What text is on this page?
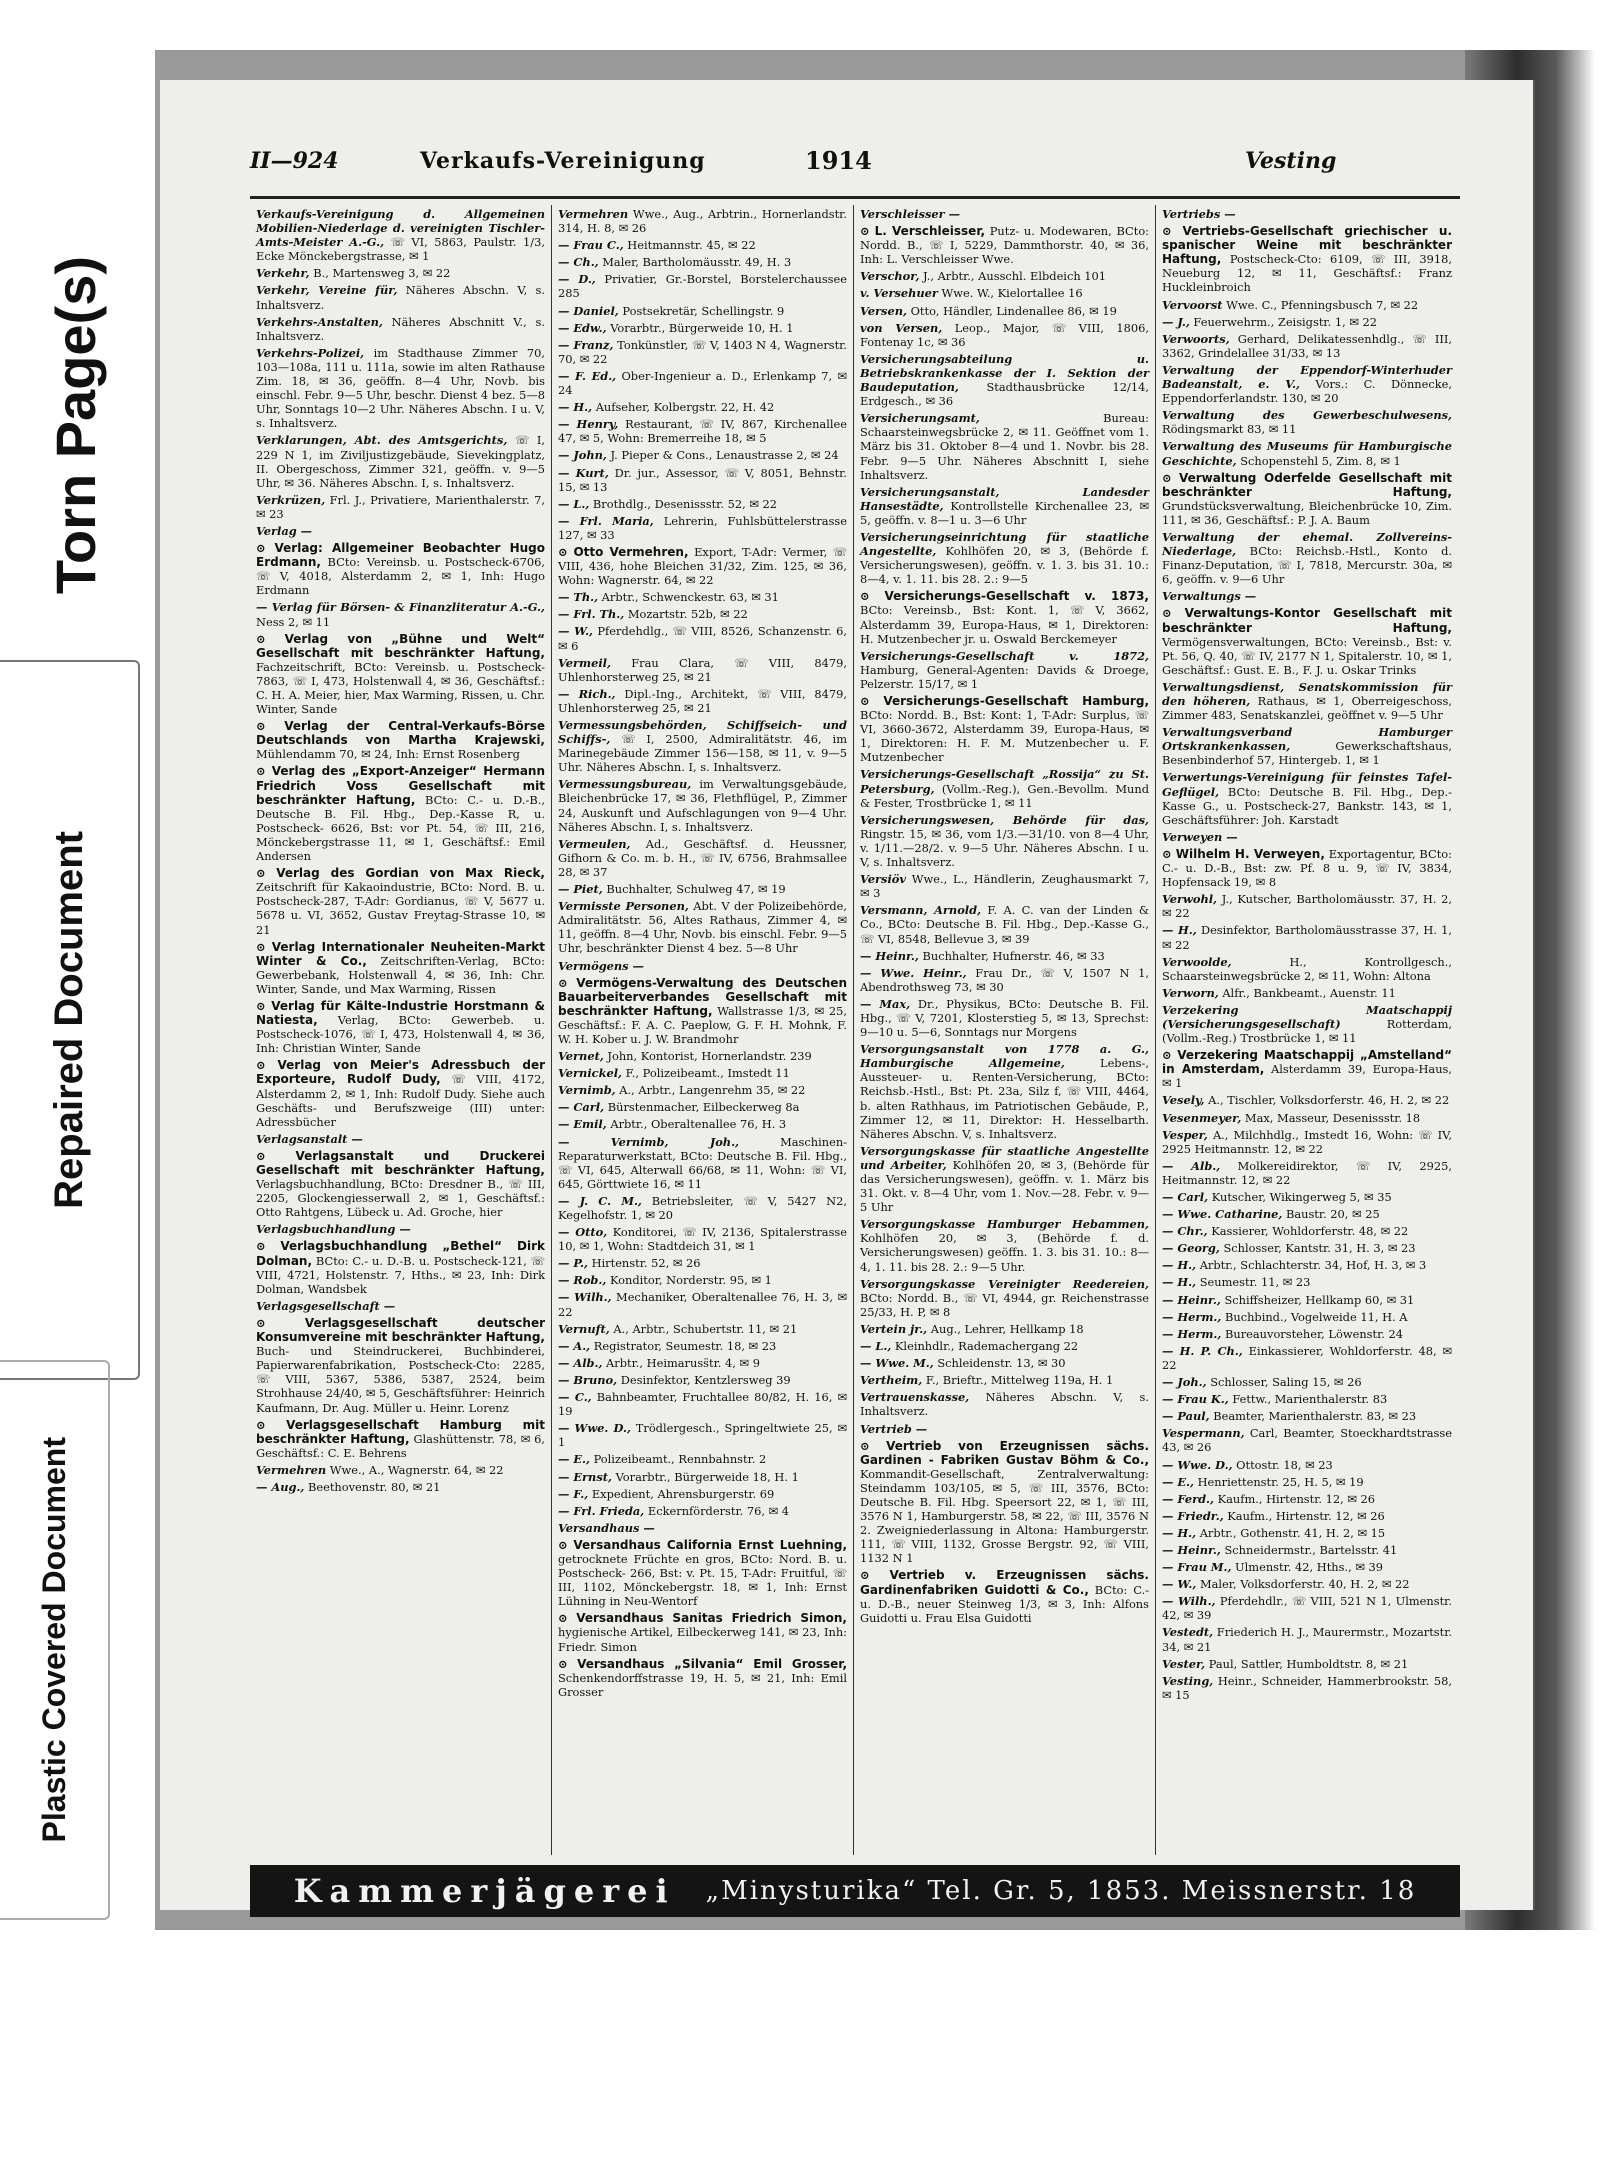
Torn Page(s)
Repaired Document
Plastic Covered Document
II—924	Verkaufs-Vereinigung	1914	Vesting
Verkaufs-Vereinigung d. Allgemeinen Mobilien-Niederlage d. vereinigten Tischler-Amts-Meister A.-G., ☏ VI, 5863, Paulstr. 1/3, Ecke Mönckebergstrasse, ✉ 1
Verkehr, B., Martensweg 3, ✉ 22
Verkehr, Vereine für, Näheres Abschn. V, s. Inhaltsverz.
Verkehrs-Anstalten, Näheres Abschnitt V., s. Inhaltsverz.
Verkehrs-Polizei, im Stadthause Zimmer 70, 103—108a, 111 u. 111a, sowie im alten Rathause Zim. 18, ✉ 36, geöffn. 8—4 Uhr, Novb. bis einschl. Febr. 9—5 Uhr, beschr. Dienst 4 bez. 5—8 Uhr, Sonntags 10—2 Uhr. Näheres Abschn. I u. V, s. Inhaltsverz.
Verklarungen, Abt. des Amtsgerichts, ☏ I, 229 N 1, im Ziviljustizgebäude, Sievekingplatz, II. Obergeschoss, Zimmer 321, geöffn. v. 9—5 Uhr, ✉ 36. Näheres Abschn. I, s. Inhaltsverz.
Verkrüzen, Frl. J., Privatiere, Marienthalerstr. 7, ✉ 23
Verlag —
⊙ Verlag: Allgemeiner Beobachter Hugo Erdmann, BCto: Vereinsb. u. Postscheck-6706, ☏ V, 4018, Alsterdamm 2, ✉ 1, Inh: Hugo Erdmann
— Verlag für Börsen- & Finanzliteratur A.-G., Ness 2, ✉ 11
⊙ Verlag von „Bühne und Welt“ Gesellschaft mit beschränkter Haftung, Fachzeitschrift, BCto: Vereinsb. u. Postscheck-7863, ☏ I, 473, Holstenwall 4, ✉ 36, Geschäftsf.: C. H. A. Meier, hier, Max Warming, Rissen, u. Chr. Winter, Sande
⊙ Verlag der Central-Verkaufs-Börse Deutschlands von Martha Krajewski, Mühlendamm 70, ✉ 24, Inh: Ernst Rosenberg
⊙ Verlag des „Export-Anzeiger“ Hermann Friedrich Voss Gesellschaft mit beschränkter Haftung, BCto: C.- u. D.-B., Deutsche B. Fil. Hbg., Dep.-Kasse R, u. Postscheck- 6626, Bst: vor Pt. 54, ☏ III, 216, Mönckebergstrasse 11, ✉ 1, Geschäftsf.: Emil Andersen
⊙ Verlag des Gordian von Max Rieck, Zeitschrift für Kakaoindustrie, BCto: Nord. B. u. Postscheck-287, T-Adr: Gordianus, ☏ V, 5677 u. 5678 u. VI, 3652, Gustav Freytag-Strasse 10, ✉ 21
⊙ Verlag Internationaler Neuheiten-Markt Winter & Co., Zeitschriften-Verlag, BCto: Gewerbebank, Holstenwall 4, ✉ 36, Inh: Chr. Winter, Sande, und Max Warming, Rissen
⊙ Verlag für Kälte-Industrie Horstmann & Natiesta, Verlag, BCto: Gewerbeb. u. Postscheck-1076, ☏ I, 473, Holstenwall 4, ✉ 36, Inh: Christian Winter, Sande
⊙ Verlag von Meier's Adressbuch der Exporteure, Rudolf Dudy, ☏ VIII, 4172, Alsterdamm 2, ✉ 1, Inh: Rudolf Dudy. Siehe auch Geschäfts- und Berufszweige (III) unter: Adressbücher
Verlagsanstalt —
⊙ Verlagsanstalt und Druckerei Gesellschaft mit beschränkter Haftung, Verlagsbuchhandlung, BCto: Dresdner B., ☏ III, 2205, Glockengiesserwall 2, ✉ 1, Geschäftsf.: Otto Rahtgens, Lübeck u. Ad. Groche, hier
Verlagsbuchhandlung —
⊙ Verlagsbuchhandlung „Bethel“ Dirk Dolman, BCto: C.- u. D.-B. u. Postscheck-121, ☏ VIII, 4721, Holstenstr. 7, Hths., ✉ 23, Inh: Dirk Dolman, Wandsbek
Verlagsgesellschaft —
⊙ Verlagsgesellschaft deutscher Konsumvereine mit beschränkter Haftung, Buch- und Steindruckerei, Buchbinderei, Papierwarenfabrikation, Postscheck-Cto: 2285, ☏ VIII, 5367, 5386, 5387, 2524, beim Strohhause 24/40, ✉ 5, Geschäftsführer: Heinrich Kaufmann, Dr. Aug. Müller u. Heinr. Lorenz
⊙ Verlagsgesellschaft Hamburg mit beschränkter Haftung, Glashüttenstr. 78, ✉ 6, Geschäftsf.: C. E. Behrens
Vermehren Wwe., A., Wagnerstr. 64, ✉ 22
— Aug., Beethovenstr. 80, ✉ 21
Vermehren Wwe., Aug., Arbtrin., Hornerlandstr. 314, H. 8, ✉ 26
— Frau C., Heitmannstr. 45, ✉ 22
— Ch., Maler, Bartholomäusstr. 49, H. 3
— D., Privatier, Gr.-Borstel, Borstelerchaussee 285
— Daniel, Postsekretär, Schellingstr. 9
— Edw., Vorarbtr., Bürgerweide 10, H. 1
— Franz, Tonkünstler, ☏ V, 1403 N 4, Wagnerstr. 70, ✉ 22
— F. Ed., Ober-Ingenieur a. D., Erlenkamp 7, ✉ 24
— H., Aufseher, Kolbergstr. 22, H. 42
— Henry, Restaurant, ☏ IV, 867, Kirchenallee 47, ✉ 5, Wohn: Bremerreihe 18, ✉ 5
— John, J. Pieper & Cons., Lenaustrasse 2, ✉ 24
— Kurt, Dr. jur., Assessor, ☏ V, 8051, Behnstr. 15, ✉ 13
— L., Brothdlg., Desenissstr. 52, ✉ 22
— Frl. Maria, Lehrerin, Fuhlsbüttelerstrasse 127, ✉ 33
⊙ Otto Vermehren, Export, T-Adr: Vermer, ☏ VIII, 436, hohe Bleichen 31/32, Zim. 125, ✉ 36, Wohn: Wagnerstr. 64, ✉ 22
— Th., Arbtr., Schwenckestr. 63, ✉ 31
— Frl. Th., Mozartstr. 52b, ✉ 22
— W., Pferdehdlg., ☏ VIII, 8526, Schanzenstr. 6, ✉ 6
Vermeil, Frau Clara, ☏ VIII, 8479, Uhlenhorsterweg 25, ✉ 21
— Rich., Dipl.-Ing., Architekt, ☏ VIII, 8479, Uhlenhorsterweg 25, ✉ 21
Vermessungsbehörden, Schiffseich- und Schiffs-, ☏ I, 2500, Admiralitätstr. 46, im Marinegebäude Zimmer 156—158, ✉ 11, v. 9—5 Uhr. Näheres Abschn. I, s. Inhaltsverz.
Vermessungsbureau, im Verwaltungsgebäude, Bleichenbrücke 17, ✉ 36, Flethflügel, P., Zimmer 24, Auskunft und Aufschlagungen von 9—4 Uhr. Näheres Abschn. I, s. Inhaltsverz.
Vermeulen, Ad., Geschäftsf. d. Heussner, Gifhorn & Co. m. b. H., ☏ IV, 6756, Brahmsallee 28, ✉ 37
— Piet, Buchhalter, Schulweg 47, ✉ 19
Vermisste Personen, Abt. V der Polizeibehörde, Admiralitätstr. 56, Altes Rathaus, Zimmer 4, ✉ 11, geöffn. 8—4 Uhr, Novb. bis einschl. Febr. 9—5 Uhr, beschränkter Dienst 4 bez. 5—8 Uhr
Vermögens —
⊙ Vermögens-Verwaltung des Deutschen Bauarbeiterverbandes Gesellschaft mit beschränkter Haftung, Wallstrasse 1/3, ✉ 25, Geschäftsf.: F. A. C. Paeplow, G. F. H. Mohnk, F. W. H. Kober u. J. W. Brandmohr
Vernet, John, Kontorist, Hornerlandstr. 239
Vernickel, F., Polizeibeamt., Imstedt 11
Vernimb, A., Arbtr., Langenrehm 35, ✉ 22
— Carl, Bürstenmacher, Eilbeckerweg 8a
— Emil, Arbtr., Oberaltenallee 76, H. 3
— Vernimb, Joh.,	Maschinen-Reparaturwerkstatt, BCto: Deutsche B. Fil. Hbg., ☏ VI, 645, Alterwall 66/68, ✉ 11, Wohn: ☏ VI, 645, Görttwiete 16, ✉ 11
— J. C. M., Betriebsleiter, ☏ V, 5427 N2, Kegelhofstr. 1, ✉ 20
— Otto, Konditorei, ☏ IV, 2136, Spitalerstrasse 10, ✉ 1, Wohn: Stadtdeich 31, ✉ 1
— P., Hirtenstr. 52, ✉ 26
— Rob., Konditor, Norderstr. 95, ✉ 1
— Wilh., Mechaniker, Oberaltenallee 76, H. 3, ✉ 22
Vernuft, A., Arbtr., Schubertstr. 11, ✉ 21
— A., Registrator, Seumestr. 18, ✉ 23
— Alb., Arbtr., Heimaruss̈tr. 4, ✉ 9
— Bruno, Desinfektor, Kentzlersweg 39
— C., Bahnbeamter, Fruchtallee 80/82, H. 16, ✉ 19
— Wwe. D., Trödlergesch., Springeltwiete 25, ✉ 1
— E., Polizeibeamt., Rennbahnstr. 2
— Ernst, Vorarbtr., Bürgerweide 18, H. 1
— F., Expedient, Ahrensburgerstr. 69
— Frl. Frieda, Eckernförderstr. 76, ✉ 4
Versandhaus —
⊙ Versandhaus California Ernst Luehning, getrocknete Früchte en gros, BCto: Nord. B. u. Postscheck- 266, Bst: v. Pt. 15, T-Adr: Fruitful, ☏ III, 1102, Mönckebergstr. 18, ✉ 1, Inh: Ernst Lühning in Neu-Wentorf
⊙ Versandhaus Sanitas Friedrich Simon, hygienische Artikel, Eilbeckerweg 141, ✉ 23, Inh: Friedr. Simon
⊙ Versandhaus „Silvania“ Emil Grosser, Schenkendorffstrasse 19, H. 5, ✉ 21, Inh: Emil Grosser
Verschleisser —
⊙ L. Verschleisser, Putz- u. Modewaren, BCto: Nordd. B., ☏ I, 5229, Dammthorstr. 40, ✉ 36, Inh: L. Verschleisser Wwe.
Verschor, J., Arbtr., Ausschl. Elbdeich 101
v. Versehuer Wwe. W., Kielortallee 16
Versen, Otto, Händler, Lindenallee 86, ✉ 19
von Versen, Leop., Major, ☏ VIII, 1806, Fontenay 1c, ✉ 36
Versicherungsabteilung u. Betriebskrankenkasse der I. Sektion der Baudeputation, Stadthausbrücke 12/14, Erdgesch., ✉ 36
Versicherungsamt,	Bureau: Schaarsteinwegsbrücke 2, ✉ 11. Geöffnet vom 1. März bis 31. Oktober 8—4 und 1. Novbr. bis 28. Febr. 9—5 Uhr. Näheres Abschnitt I, siehe Inhaltsverz.
Versicherungsanstalt, Landesder Hansestädte, Kontrollstelle Kirchenallee 23, ✉ 5, geöffn. v. 8—1 u. 3—6 Uhr
Versicherungseinrichtung für staatliche Angestellte, Kohlhöfen 20, ✉ 3, (Behörde f. Versicherungswesen), geöffn. v. 1. 3. bis 31. 10.: 8—4, v. 1. 11. bis 28. 2.: 9—5
⊙ Versicherungs-Gesellschaft v. 1873, BCto: Vereinsb., Bst: Kont. 1, ☏ V, 3662, Alsterdamm 39, Europa-Haus, ✉ 1, Direktoren: H. Mutzenbecher jr. u. Oswald Berckemeyer
Versicherungs-Gesellschaft v. 1872, Hamburg, General-Agenten: Davids & Droege, Pelzerstr. 15/17, ✉ 1
⊙ Versicherungs-Gesellschaft Hamburg, BCto: Nordd. B., Bst: Kont: 1, T-Adr: Surplus, ☏ VI, 3660-3672, Alsterdamm 39, Europa-Haus, ✉ 1, Direktoren: H. F. M. Mutzenbecher u. F. Mutzenbecher
Versicherungs-Gesellschaft „Rossija“ zu St. Petersburg, (Vollm.-Reg.), Gen.-Bevollm. Mund & Fester, Trostbrücke 1, ✉ 11
Versicherungswesen, Behörde für das, Ringstr. 15, ✉ 36, vom 1/3.—31/10. von 8—4 Uhr, v. 1/11.—28/2. v. 9—5 Uhr. Näheres Abschn. I u. V, s. Inhaltsverz.
Versiöv Wwe., L., Händlerin, Zeughausmarkt 7, ✉ 3
Versmann, Arnold, F. A. C. van der Linden & Co., BCto: Deutsche B. Fil. Hbg., Dep.-Kasse G., ☏ VI, 8548, Bellevue 3, ✉ 39
— Heinr., Buchhalter, Hufnerstr. 46, ✉ 33
— Wwe. Heinr., Frau Dr., ☏ V, 1507 N 1, Abendrothsweg 73, ✉ 30
— Max, Dr., Physikus, BCto: Deutsche B. Fil. Hbg., ☏ V, 7201, Klosterstieg 5, ✉ 13, Sprechst: 9—10 u. 5—6, Sonntags nur Morgens
Versorgungsanstalt von 1778 a. G., Hamburgische Allgemeine,	Lebens-, Aussteuer- u. Renten-Versicherung, BCto: Reichsb.-Hstl., Bst: Pt. 23a, Silz f, ☏ VIII, 4464, b. alten Rathhaus, im Patriotischen Gebäude, P., Zimmer 12, ✉ 11, Direktor: H. Hesselbarth. Näheres Abschn. V, s. Inhaltsverz.
Versorgungskasse für staatliche Angestellte und Arbeiter, Kohlhöfen 20, ✉ 3, (Behörde für das Versicherungswesen), geöffn. v. 1. März bis 31. Okt. v. 8—4 Uhr, vom 1. Nov.—28. Febr. v. 9—5 Uhr
Versorgungskasse Hamburger Hebammen, Kohlhöfen 20, ✉ 3, (Behörde f. d. Versicherungswesen) geöffn. 1. 3. bis 31. 10.: 8—4, 1. 11. bis 28. 2.: 9—5 Uhr.
Versorgungskasse Vereinigter Reedereien, BCto: Nordd. B., ☏ VI, 4944, gr. Reichenstrasse 25/33, H. P, ✉ 8
Vertein jr., Aug., Lehrer, Hellkamp 18
— L., Kleinhdlr., Rademachergang 22
— Wwe. M., Schleidenstr. 13, ✉ 30
Vertheim, F., Brieftr., Mittelweg 119a, H. 1
Vertrauenskasse, Näheres Abschn. V, s. Inhaltsverz.
Vertrieb —
⊙ Vertrieb von Erzeugnissen sächs. Gardinen - Fabriken Gustav Böhm & Co., Kommandit-Gesellschaft, Zentralverwaltung: Steindamm 103/105, ✉ 5, ☏ III, 3576, BCto: Deutsche B. Fil. Hbg. Speersort 22, ✉ 1, ☏ III, 3576 N 1, Hamburgerstr. 58, ✉ 22, ☏ III, 3576 N 2. Zweigniederlassung in Altona: Hamburgerstr. 111, ☏ VIII, 1132, Grosse Bergstr. 92, ☏ VIII, 1132 N 1
⊙ Vertrieb v. Erzeugnissen sächs. Gardinenfabriken Guidotti & Co., BCto: C.- u. D.-B., neuer Steinweg 1/3, ✉ 3, Inh: Alfons Guidotti u. Frau Elsa Guidotti
Vertriebs —
⊙ Vertriebs-Gesellschaft griechischer u. spanischer Weine mit beschränkter Haftung, Postscheck-Cto: 6109, ☏ III, 3918, Neueburg 12, ✉ 11, Geschäftsf.: Franz Huckleinbroich
Vervoorst Wwe. C., Pfenningsbusch 7, ✉ 22
— J., Feuerwehrm., Zeisigstr. 1, ✉ 22
Verwoorts, Gerhard, Delikatessenhdlg., ☏ III, 3362, Grindelallee 31/33, ✉ 13
Verwaltung der Eppendorf-Winterhuder Badeanstalt, e. V., Vors.: C. Dönnecke, Eppendorferlandstr. 130, ✉ 20
Verwaltung des Gewerbeschulwesens, Rödingsmarkt 83, ✉ 11
Verwaltung des Museums für Hamburgische Geschichte, Schopenstehl 5, Zim. 8, ✉ 1
⊙ Verwaltung Oderfelde Gesellschaft mit beschränkter Haftung, Grundstücksverwaltung, Bleichenbrücke 10, Zim. 111, ✉ 36, Geschäftsf.: P. J. A. Baum
Verwaltung der ehemal. Zollvereins-Niederlage, BCto: Reichsb.-Hstl., Konto d. Finanz-Deputation, ☏ I, 7818, Mercurstr. 30a, ✉ 6, geöffn. v. 9—6 Uhr
Verwaltungs —
⊙ Verwaltungs-Kontor Gesellschaft mit beschränkter Haftung, Vermögensverwaltungen, BCto: Vereinsb., Bst: v. Pt. 56, Q. 40, ☏ IV, 2177 N 1, Spitalerstr. 10, ✉ 1, Geschäftsf.: Gust. E. B., F. J. u. Oskar Trinks
Verwaltungsdienst, Senatskommission für den höheren, Rathaus, ✉ 1, Oberreigeschoss, Zimmer 483, Senatskanzlei, geöffnet v. 9—5 Uhr
Verwaltungsverband Hamburger Ortskrankenkassen,	Gewerkschaftshaus, Besenbinderhof 57, Hintergeb. 1, ✉ 1
Verwertungs-Vereinigung für feinstes Tafel-Geflügel, BCto: Deutsche B. Fil. Hbg., Dep.-Kasse G., u. Postscheck-27, Bankstr. 143, ✉ 1, Geschäftsführer: Joh. Karstadt
Verweyen —
⊙ Wilhelm H. Verweyen, Exportagentur, BCto: C.- u. D.-B., Bst: zw. Pf. 8 u. 9, ☏ IV, 3834, Hopfensack 19, ✉ 8
Verwohl, J., Kutscher, Bartholomäusstr. 37, H. 2, ✉ 22
— H., Desinfektor, Bartholomäusstrasse 37, H. 1, ✉ 22
Verwoolde,	H., Kontrollgesch., Schaarsteinwegsbrücke 2, ✉ 11, Wohn: Altona
Verworn, Alfr., Bankbeamt., Auenstr. 11
Verzekering Maatschappij (Versicherungsgesellschaft)	Rotterdam, (Vollm.-Reg.) Trostbrücke 1, ✉ 11
⊙ Verzekering Maatschappij „Amstelland“ in Amsterdam, Alsterdamm 39, Europa-Haus, ✉ 1
Vesely, A., Tischler, Volksdorferstr. 46, H. 2, ✉ 22
Vesenmeyer, Max, Masseur, Desenissstr. 18
Vesper, A., Milchhdlg., Imstedt 16, Wohn: ☏ IV, 2925 Heitmannstr. 12, ✉ 22
— Alb., Molkereidirektor, ☏ IV, 2925, Heitmannstr. 12, ✉ 22
— Carl, Kutscher, Wikingerweg 5, ✉ 35
— Wwe. Catharine, Baustr. 20, ✉ 25
— Chr., Kassierer, Wohldorferstr. 48, ✉ 22
— Georg, Schlosser, Kantstr. 31, H. 3, ✉ 23
— H., Arbtr., Schlachterstr. 34, Hof, H. 3, ✉ 3
— H., Seumestr. 11, ✉ 23
— Heinr., Schiffsheizer, Hellkamp 60, ✉ 31
— Herm., Buchbind., Vogelweide 11, H. A
— Herm., Bureauvorsteher, Löwenstr. 24
— H. P. Ch., Einkassierer, Wohldorferstr. 48, ✉ 22
— Joh., Schlosser, Saling 15, ✉ 26
— Frau K., Fettw., Marienthalerstr. 83
— Paul, Beamter, Marienthalerstr. 83, ✉ 23
Vespermann, Carl, Beamter, Stoeckhardtstrasse 43, ✉ 26
— Wwe. D., Ottostr. 18, ✉ 23
— E., Henriettenstr. 25, H. 5, ✉ 19
— Ferd., Kaufm., Hirtenstr. 12, ✉ 26
— Friedr., Kaufm., Hirtenstr. 12, ✉ 26
— H., Arbtr., Gothenstr. 41, H. 2, ✉ 15
— Heinr., Schneidermstr., Bartelsstr. 41
— Frau M., Ulmenstr. 42, Hths., ✉ 39
— W., Maler, Volksdorferstr. 40, H. 2, ✉ 22
— Wilh., Pferdehdlr., ☏ VIII, 521 N 1, Ulmenstr. 42, ✉ 39
Vestedt, Friederich H. J., Maurermstr., Mozartstr. 34, ✉ 21
Vester, Paul, Sattler, Humboldtstr. 8, ✉ 21
Vesting, Heinr., Schneider, Hammerbrookstr. 58, ✉ 15
Kammerjägerei „Minysturika“ Tel. Gr. 5, 1853. Meissnerstr. 18
